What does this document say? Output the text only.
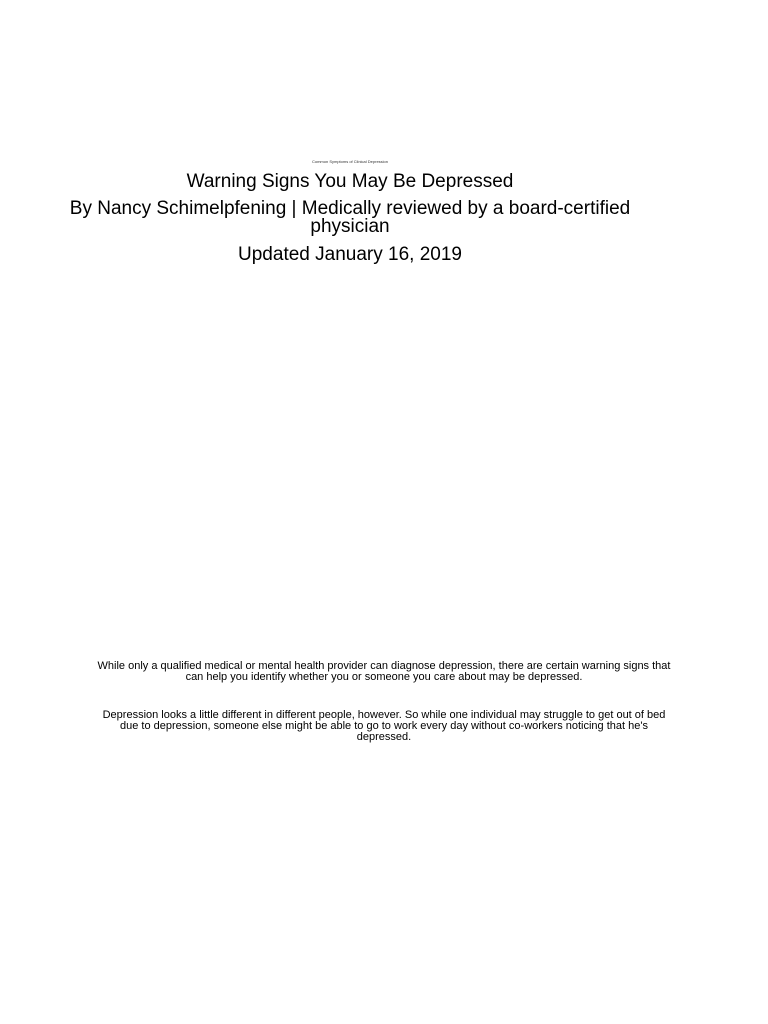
Common Symptoms of Clinical Depression
Warning Signs You May Be Depressed
By Nancy Schimelpfening | Medically reviewed by a board-certified physician
Updated January 16, 2019
While only a qualified medical or mental health provider can diagnose depression, there are certain warning signs that can help you identify whether you or someone you care about may be depressed.
Depression looks a little different in different people, however. So while one individual may struggle to get out of bed due to depression, someone else might be able to go to work every day without co-workers noticing that he's depressed.
